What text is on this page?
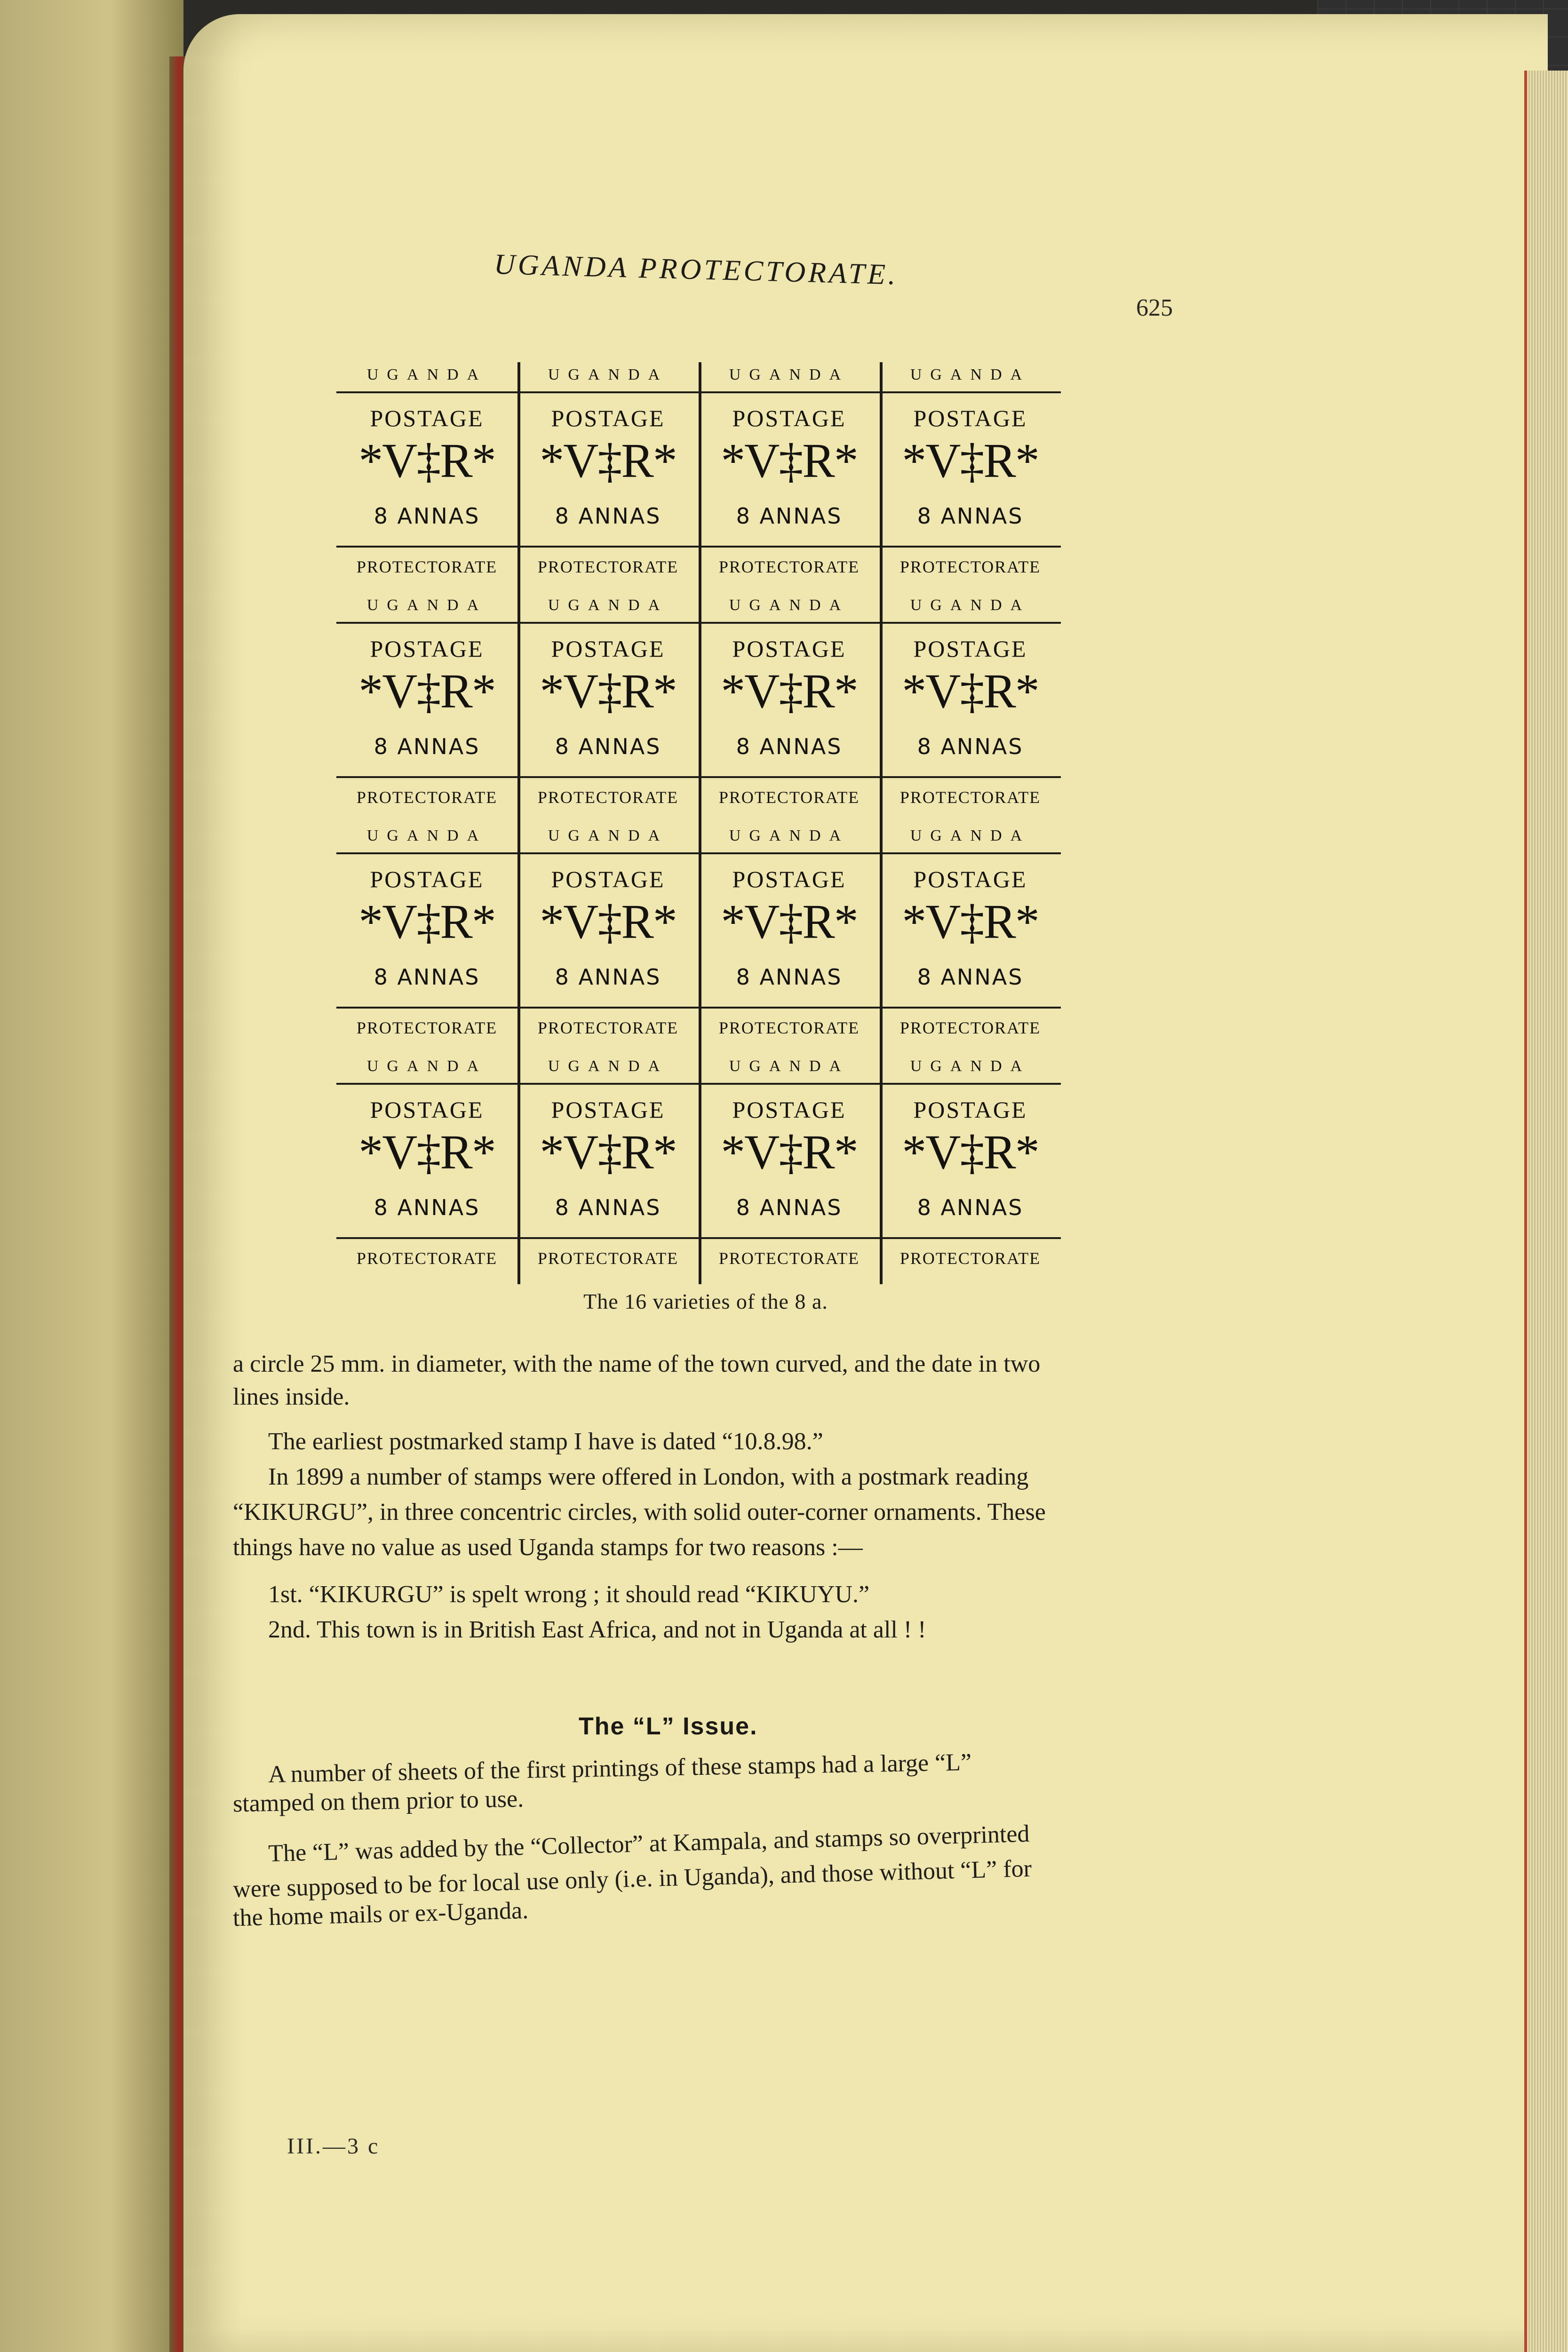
UGANDA PROTECTORATE.
625
UGANDA
POSTAGE
*V‡R*
8 ANNAS
PROTECTORATE
UGANDA
POSTAGE
*V‡R*
8 ANNAS
PROTECTORATE
UGANDA
POSTAGE
*V‡R*
8 ANNAS
PROTECTORATE
UGANDA
POSTAGE
*V‡R*
8 ANNAS
PROTECTORATE
UGANDA
POSTAGE
*V‡R*
8 ANNAS
PROTECTORATE
UGANDA
POSTAGE
*V‡R*
8 ANNAS
PROTECTORATE
UGANDA
POSTAGE
*V‡R*
8 ANNAS
PROTECTORATE
UGANDA
POSTAGE
*V‡R*
8 ANNAS
PROTECTORATE
UGANDA
POSTAGE
*V‡R*
8 ANNAS
PROTECTORATE
UGANDA
POSTAGE
*V‡R*
8 ANNAS
PROTECTORATE
UGANDA
POSTAGE
*V‡R*
8 ANNAS
PROTECTORATE
UGANDA
POSTAGE
*V‡R*
8 ANNAS
PROTECTORATE
UGANDA
POSTAGE
*V‡R*
8 ANNAS
PROTECTORATE
UGANDA
POSTAGE
*V‡R*
8 ANNAS
PROTECTORATE
UGANDA
POSTAGE
*V‡R*
8 ANNAS
PROTECTORATE
UGANDA
POSTAGE
*V‡R*
8 ANNAS
PROTECTORATE
The 16 varieties of the 8 a.
a circle 25 mm. in diameter, with the name of the town curved, and the date in two
lines inside.
The earliest postmarked stamp I have is dated “10.8.98.”
In 1899 a number of stamps were offered in London, with a postmark reading
“KIKURGU”, in three concentric circles, with solid outer-corner ornaments. These
things have no value as used Uganda stamps for two reasons :—
1st. “KIKURGU” is spelt wrong ; it should read “KIKUYU.”
2nd. This town is in British East Africa, and not in Uganda at all ! !
The “L” Issue.
A number of sheets of the first printings of these stamps had a large “L”
stamped on them prior to use.
The “L” was added by the “Collector” at Kampala, and stamps so overprinted
were supposed to be for local use only (i.e. in Uganda), and those without “L” for
the home mails or ex-Uganda.
III.—3 c
